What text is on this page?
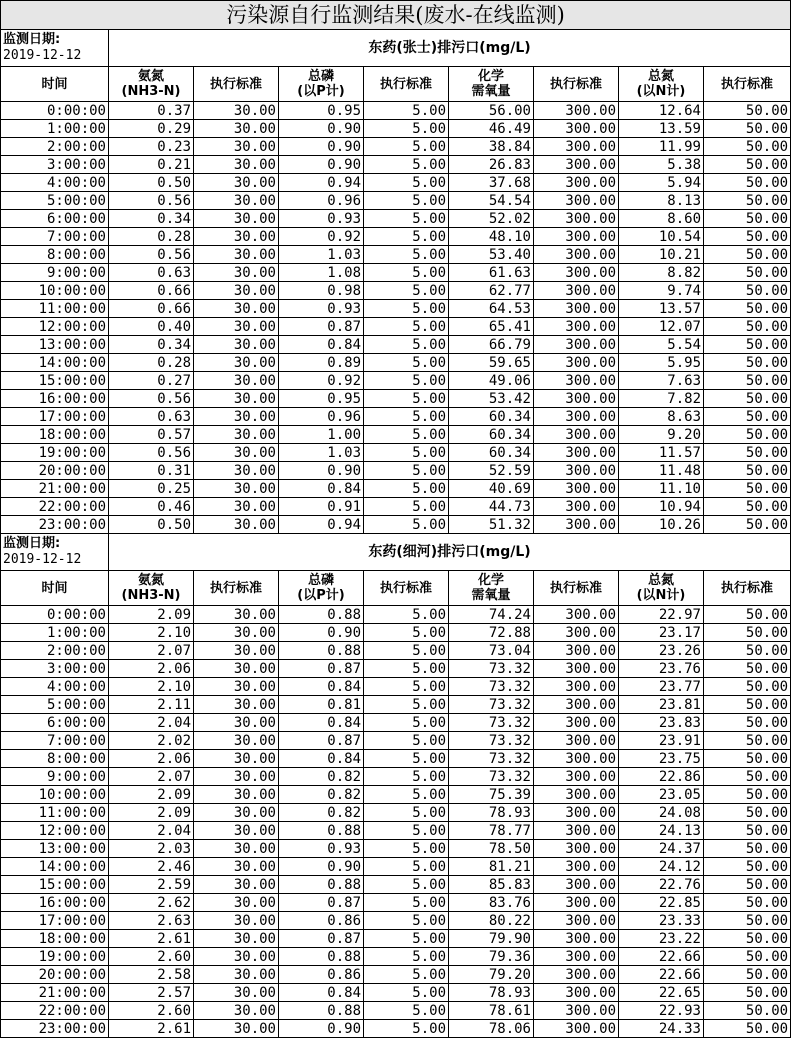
污染源自行监测结果(废水-在线监测)								

监测日期:
2019-12-12	东药(张士)排污口(mg/L)							
时间	氨氮
(NH3-N)	执行标准	总磷
(以P计)	执行标准	化学
需氧量	执行标准	总氮
(以N计)	执行标准
0:00:00	0.37	30.00	0.95	5.00	56.00	300.00	12.64	50.00
1:00:00	0.29	30.00	0.90	5.00	46.49	300.00	13.59	50.00
2:00:00	0.23	30.00	0.90	5.00	38.84	300.00	11.99	50.00
3:00:00	0.21	30.00	0.90	5.00	26.83	300.00	5.38	50.00
4:00:00	0.50	30.00	0.94	5.00	37.68	300.00	5.94	50.00
5:00:00	0.56	30.00	0.96	5.00	54.54	300.00	8.13	50.00
6:00:00	0.34	30.00	0.93	5.00	52.02	300.00	8.60	50.00
7:00:00	0.28	30.00	0.92	5.00	48.10	300.00	10.54	50.00
8:00:00	0.56	30.00	1.03	5.00	53.40	300.00	10.21	50.00
9:00:00	0.63	30.00	1.08	5.00	61.63	300.00	8.82	50.00
10:00:00	0.66	30.00	0.98	5.00	62.77	300.00	9.74	50.00
11:00:00	0.66	30.00	0.93	5.00	64.53	300.00	13.57	50.00
12:00:00	0.40	30.00	0.87	5.00	65.41	300.00	12.07	50.00
13:00:00	0.34	30.00	0.84	5.00	66.79	300.00	5.54	50.00
14:00:00	0.28	30.00	0.89	5.00	59.65	300.00	5.95	50.00
15:00:00	0.27	30.00	0.92	5.00	49.06	300.00	7.63	50.00
16:00:00	0.56	30.00	0.95	5.00	53.42	300.00	7.82	50.00
17:00:00	0.63	30.00	0.96	5.00	60.34	300.00	8.63	50.00
18:00:00	0.57	30.00	1.00	5.00	60.34	300.00	9.20	50.00
19:00:00	0.56	30.00	1.03	5.00	60.34	300.00	11.57	50.00
20:00:00	0.31	30.00	0.90	5.00	52.59	300.00	11.48	50.00
21:00:00	0.25	30.00	0.84	5.00	40.69	300.00	11.10	50.00
22:00:00	0.46	30.00	0.91	5.00	44.73	300.00	10.94	50.00
23:00:00	0.50	30.00	0.94	5.00	51.32	300.00	10.26	50.00

监测日期:
2019-12-12	东药(细河)排污口(mg/L)							
时间	氨氮
(NH3-N)	执行标准	总磷
(以P计)	执行标准	化学
需氧量	执行标准	总氮
(以N计)	执行标准
0:00:00	2.09	30.00	0.88	5.00	74.24	300.00	22.97	50.00
1:00:00	2.10	30.00	0.90	5.00	72.88	300.00	23.17	50.00
2:00:00	2.07	30.00	0.88	5.00	73.04	300.00	23.26	50.00
3:00:00	2.06	30.00	0.87	5.00	73.32	300.00	23.76	50.00
4:00:00	2.10	30.00	0.84	5.00	73.32	300.00	23.77	50.00
5:00:00	2.11	30.00	0.81	5.00	73.32	300.00	23.81	50.00
6:00:00	2.04	30.00	0.84	5.00	73.32	300.00	23.83	50.00
7:00:00	2.02	30.00	0.87	5.00	73.32	300.00	23.91	50.00
8:00:00	2.06	30.00	0.84	5.00	73.32	300.00	23.75	50.00
9:00:00	2.07	30.00	0.82	5.00	73.32	300.00	22.86	50.00
10:00:00	2.09	30.00	0.82	5.00	75.39	300.00	23.05	50.00
11:00:00	2.09	30.00	0.82	5.00	78.93	300.00	24.08	50.00
12:00:00	2.04	30.00	0.88	5.00	78.77	300.00	24.13	50.00
13:00:00	2.03	30.00	0.93	5.00	78.50	300.00	24.37	50.00
14:00:00	2.46	30.00	0.90	5.00	81.21	300.00	24.12	50.00
15:00:00	2.59	30.00	0.88	5.00	85.83	300.00	22.76	50.00
16:00:00	2.62	30.00	0.87	5.00	83.76	300.00	22.85	50.00
17:00:00	2.63	30.00	0.86	5.00	80.22	300.00	23.33	50.00
18:00:00	2.61	30.00	0.87	5.00	79.90	300.00	23.22	50.00
19:00:00	2.60	30.00	0.88	5.00	79.36	300.00	22.66	50.00
20:00:00	2.58	30.00	0.86	5.00	79.20	300.00	22.66	50.00
21:00:00	2.57	30.00	0.84	5.00	78.93	300.00	22.65	50.00
22:00:00	2.60	30.00	0.88	5.00	78.61	300.00	22.93	50.00
23:00:00	2.61	30.00	0.90	5.00	78.06	300.00	24.33	50.00
